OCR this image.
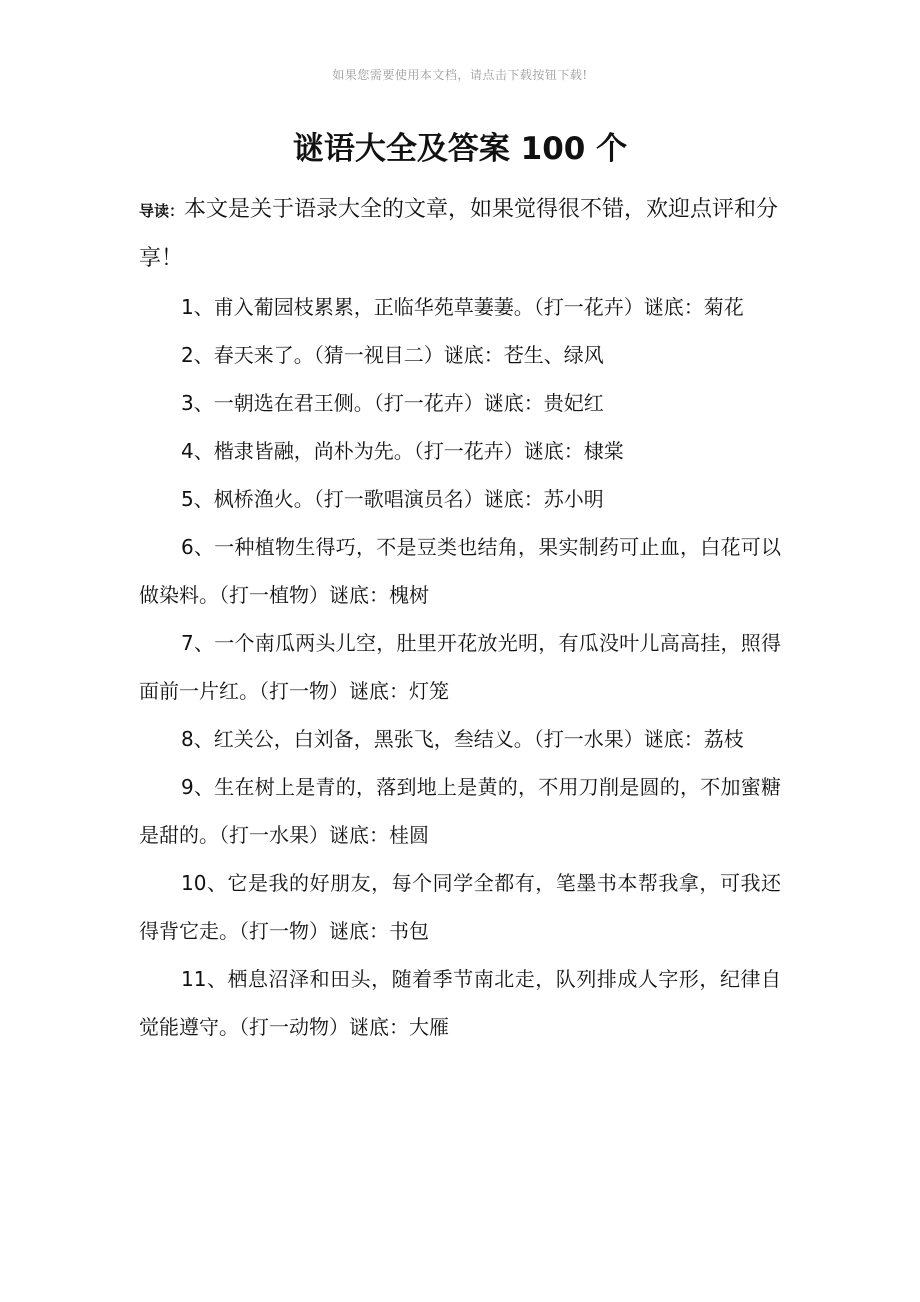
如果您需要使用本文档，请点击下载按钮下载!
谜语大全及答案 100 个

导读：本文是关于语录大全的文章，如果觉得很不错，欢迎点评和分享！

1、甫入葡园枝累累，正临华苑草萋萋。（打一花卉）谜底：菊花

2、春天来了。（猜一视目二）谜底：苍生、绿风

3、一朝选在君王侧。（打一花卉）谜底：贵妃红

4、楷隶皆融，尚朴为先。（打一花卉）谜底：棣棠

5、枫桥渔火。（打一歌唱演员名）谜底：苏小明

6、一种植物生得巧，不是豆类也结角，果实制药可止血，白花可以做染料。（打一植物）谜底：槐树

7、一个南瓜两头儿空，肚里开花放光明，有瓜没叶儿高高挂，照得面前一片红。（打一物）谜底：灯笼

8、红关公，白刘备，黑张飞，叁结义。（打一水果）谜底：荔枝

9、生在树上是青的，落到地上是黄的，不用刀削是圆的，不加蜜糖是甜的。（打一水果）谜底：桂圆

10、它是我的好朋友，每个同学全都有，笔墨书本帮我拿，可我还得背它走。（打一物）谜底：书包

11、栖息沼泽和田头，随着季节南北走，队列排成人字形，纪律自觉能遵守。（打一动物）谜底：大雁
